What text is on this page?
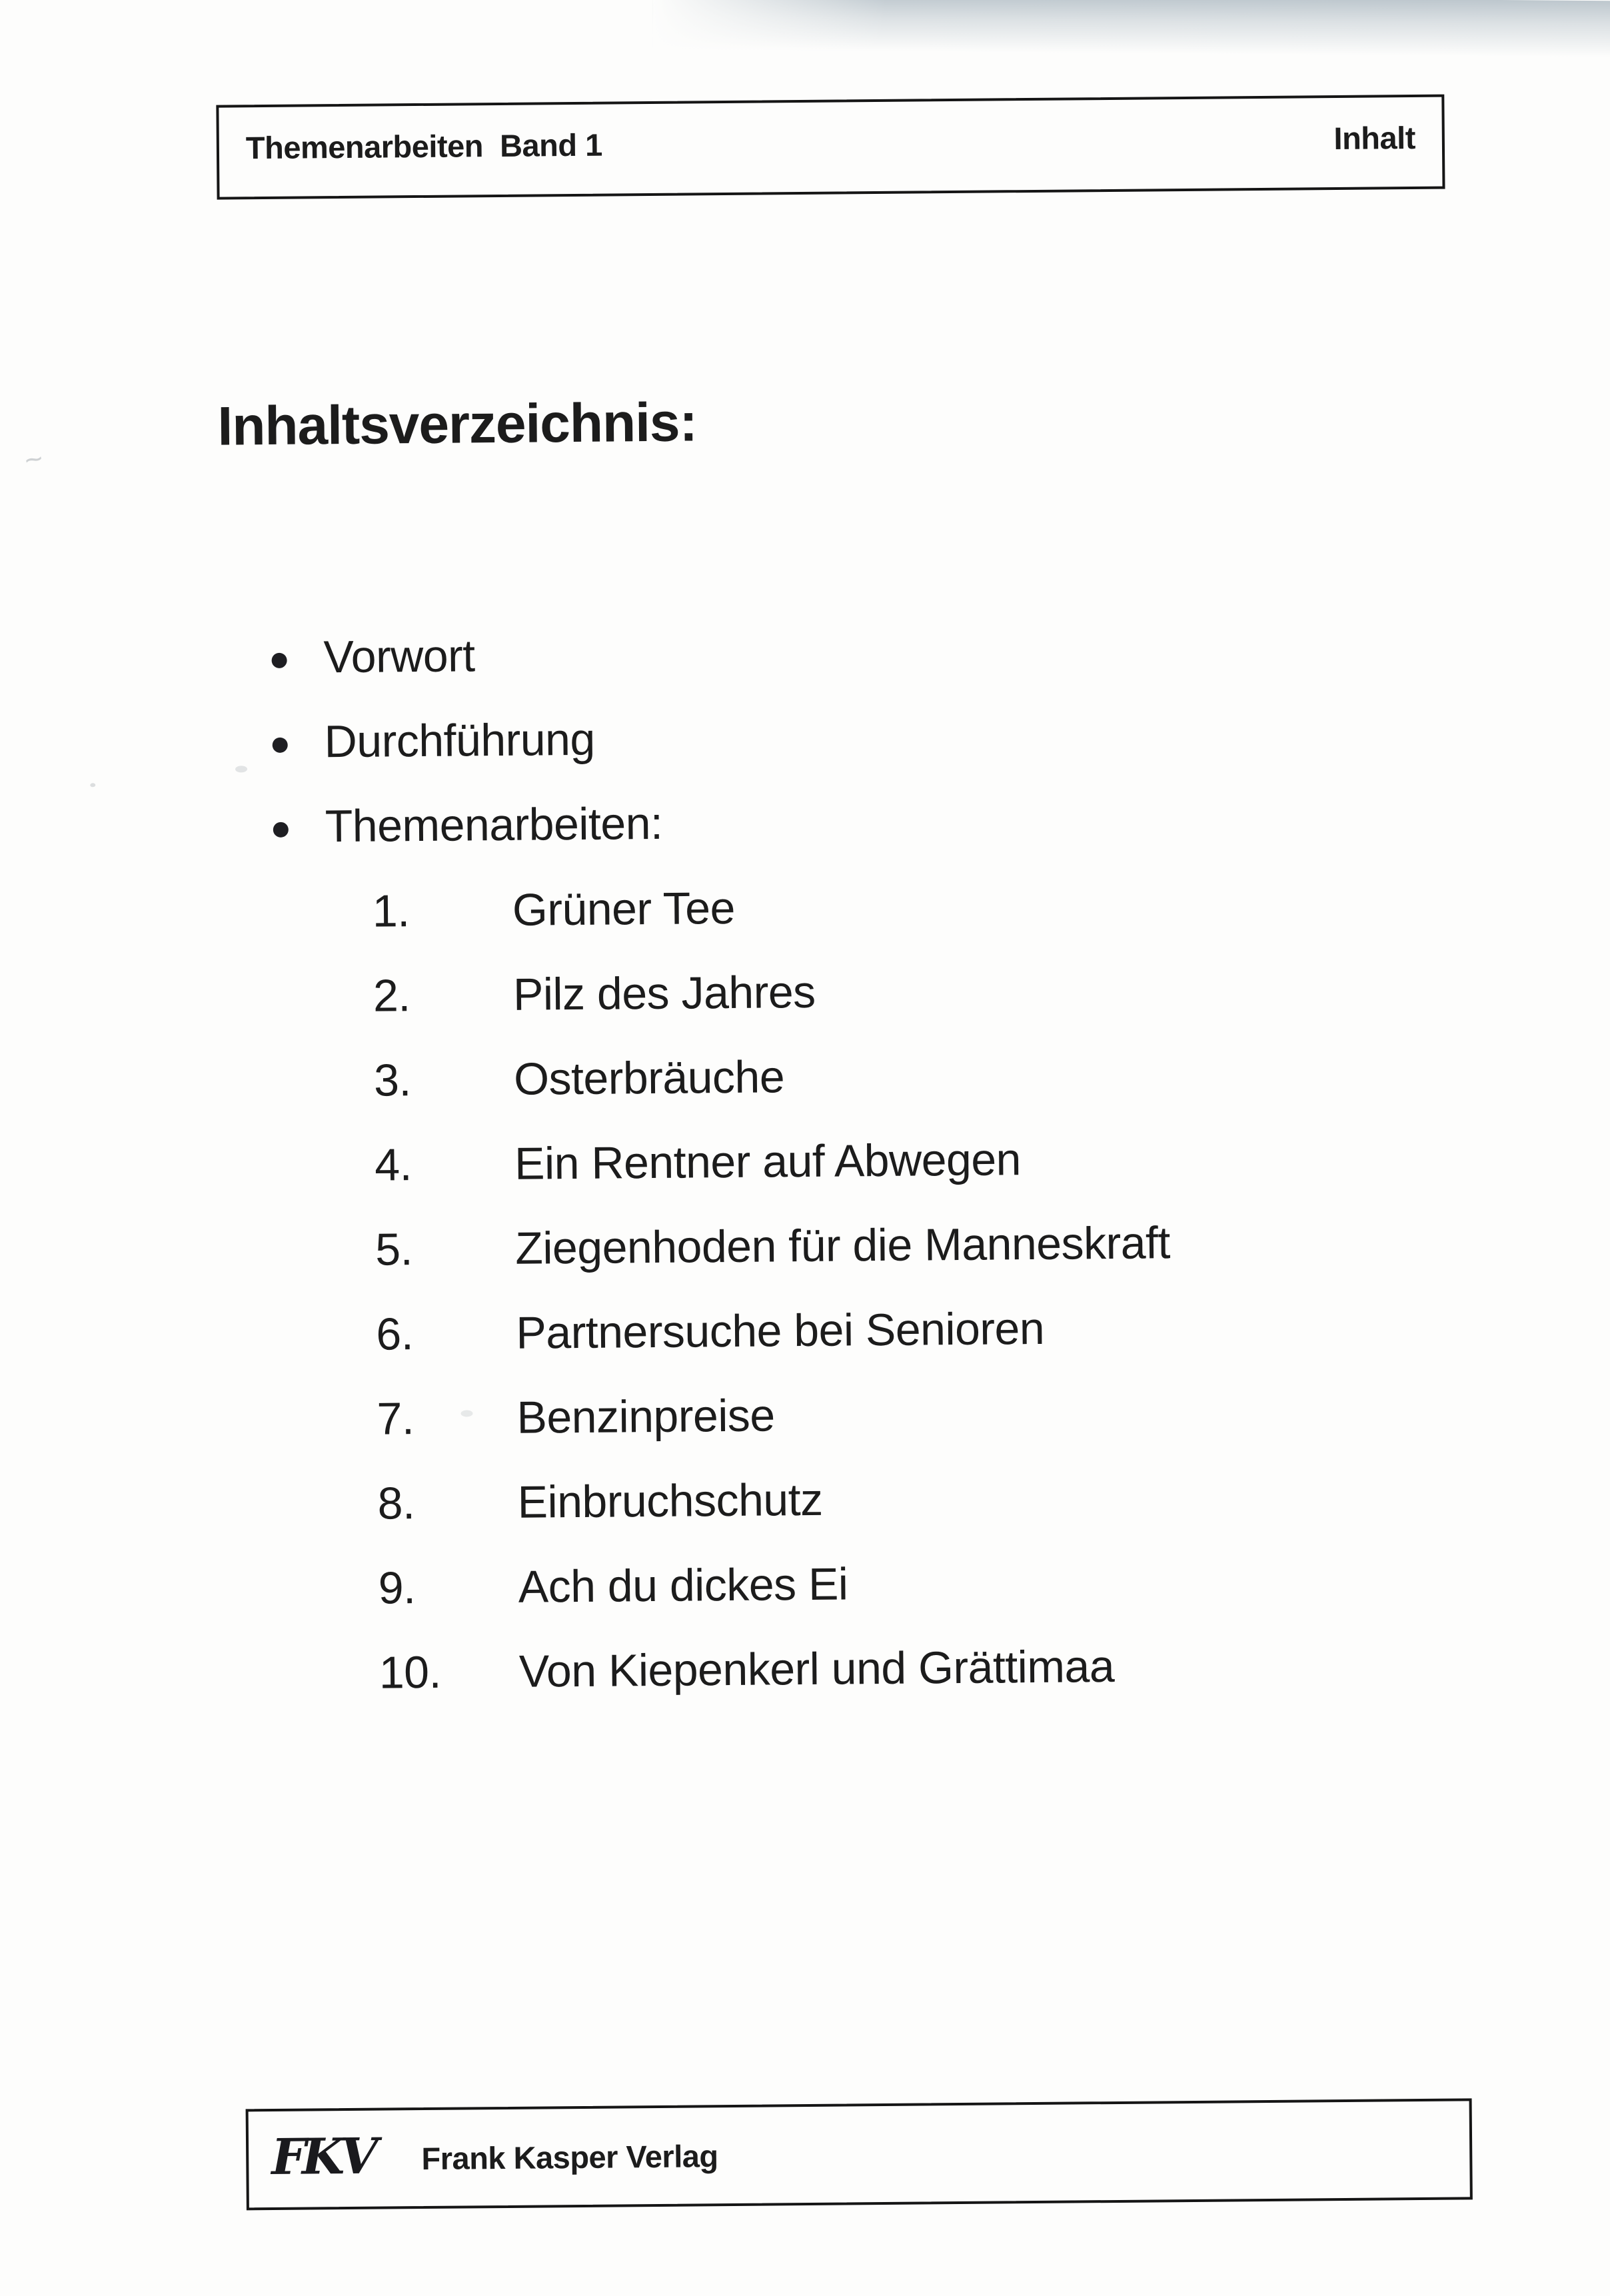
Themenarbeiten  Band 1	Inhalt
Inhaltsverzeichnis:
Vorwort
Durchführung
Themenarbeiten:
1.	Grüner Tee
2.	Pilz des Jahres
3.	Osterbräuche
4.	Ein Rentner auf Abwegen
5.	Ziegenhoden für die Manneskraft
6.	Partnersuche bei Senioren
7.	Benzinpreise
8.	Einbruchschutz
9.	Ach du dickes Ei
10.	Von Kiepenkerl und Grättimaa
FKV Frank Kasper Verlag
~
